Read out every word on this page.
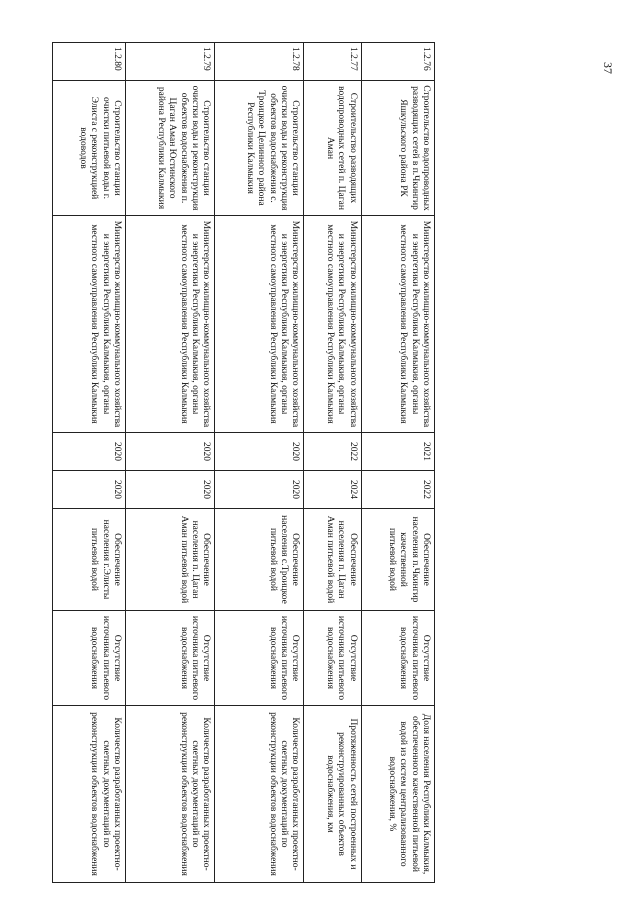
37
1.2.76	Строительство водопроводных разводящих сетей в п.Чкингир Яшкульского района РК	Министерство жилищно-коммунального хозяйства и энергетики Республики Калмыкия, органы местного самоуправления Республики Калмыкия	2021	2022	Обеспечение населения п.Чкингир качественной питьевой водой	Отсутствие источника питьевого водоснабжения	Доля населения Республики Калмыкия, обеспеченного качественной питьевой водой из систем централизованного водоснабжения, %
1.2.77	Строительство разводящих водопроводных сетей п. Цаган Аман	Министерство жилищно-коммунального хозяйства и энергетики Республики Калмыкия, органы местного самоуправления Республики Калмыкия	2022	2024	Обеспечение населения п. Цаган Аман питьевой водой	Отсутствие источника питьевого водоснабжения	Протяженность сетей построенных и реконструированных объектов водоснабжения, км
1.2.78	Строительство станции очистки воды и реконструкция объектов водоснабжения с. Троицкое Целинного района Республики Калмыкия	Министерство жилищно-коммунального хозяйства и энергетики Республики Калмыкия, органы местного самоуправления Республики Калмыкия	2020	2020	Обеспечение населения с.Троицкое питьевой водой	Отсутствие источника питьевого водоснабжения	Количество разработанных проектно-сметных документаций по реконструкции объектов водоснабжения
1.2.79	Строительство станции очистки воды и реконструкция объектов водоснабжения п. Цаган Аман Юстинского района Республики Калмыкия	Министерство жилищно-коммунального хозяйства и энергетики Республики Калмыкия, органы местного самоуправления Республики Калмыкия	2020	2020	Обеспечение населения п. Цаган Аман питьевой водой	Отсутствие источника питьевого водоснабжения	Количество разработанных проектно-сметных документаций по реконструкции объектов водоснабжения
1.2.80	Строительство станции очистки питьевой воды г. Элиста с реконструкцией водоводов	Министерство жилищно-коммунального хозяйства и энергетики Республики Калмыкия, органы местного самоуправления Республики Калмыкия	2020	2020	Обеспечение населения г.Элисты питьевой водой	Отсутствие источника питьевого водоснабжения	Количество разработанных проектно-сметных документаций по реконструкции объектов водоснабжения
